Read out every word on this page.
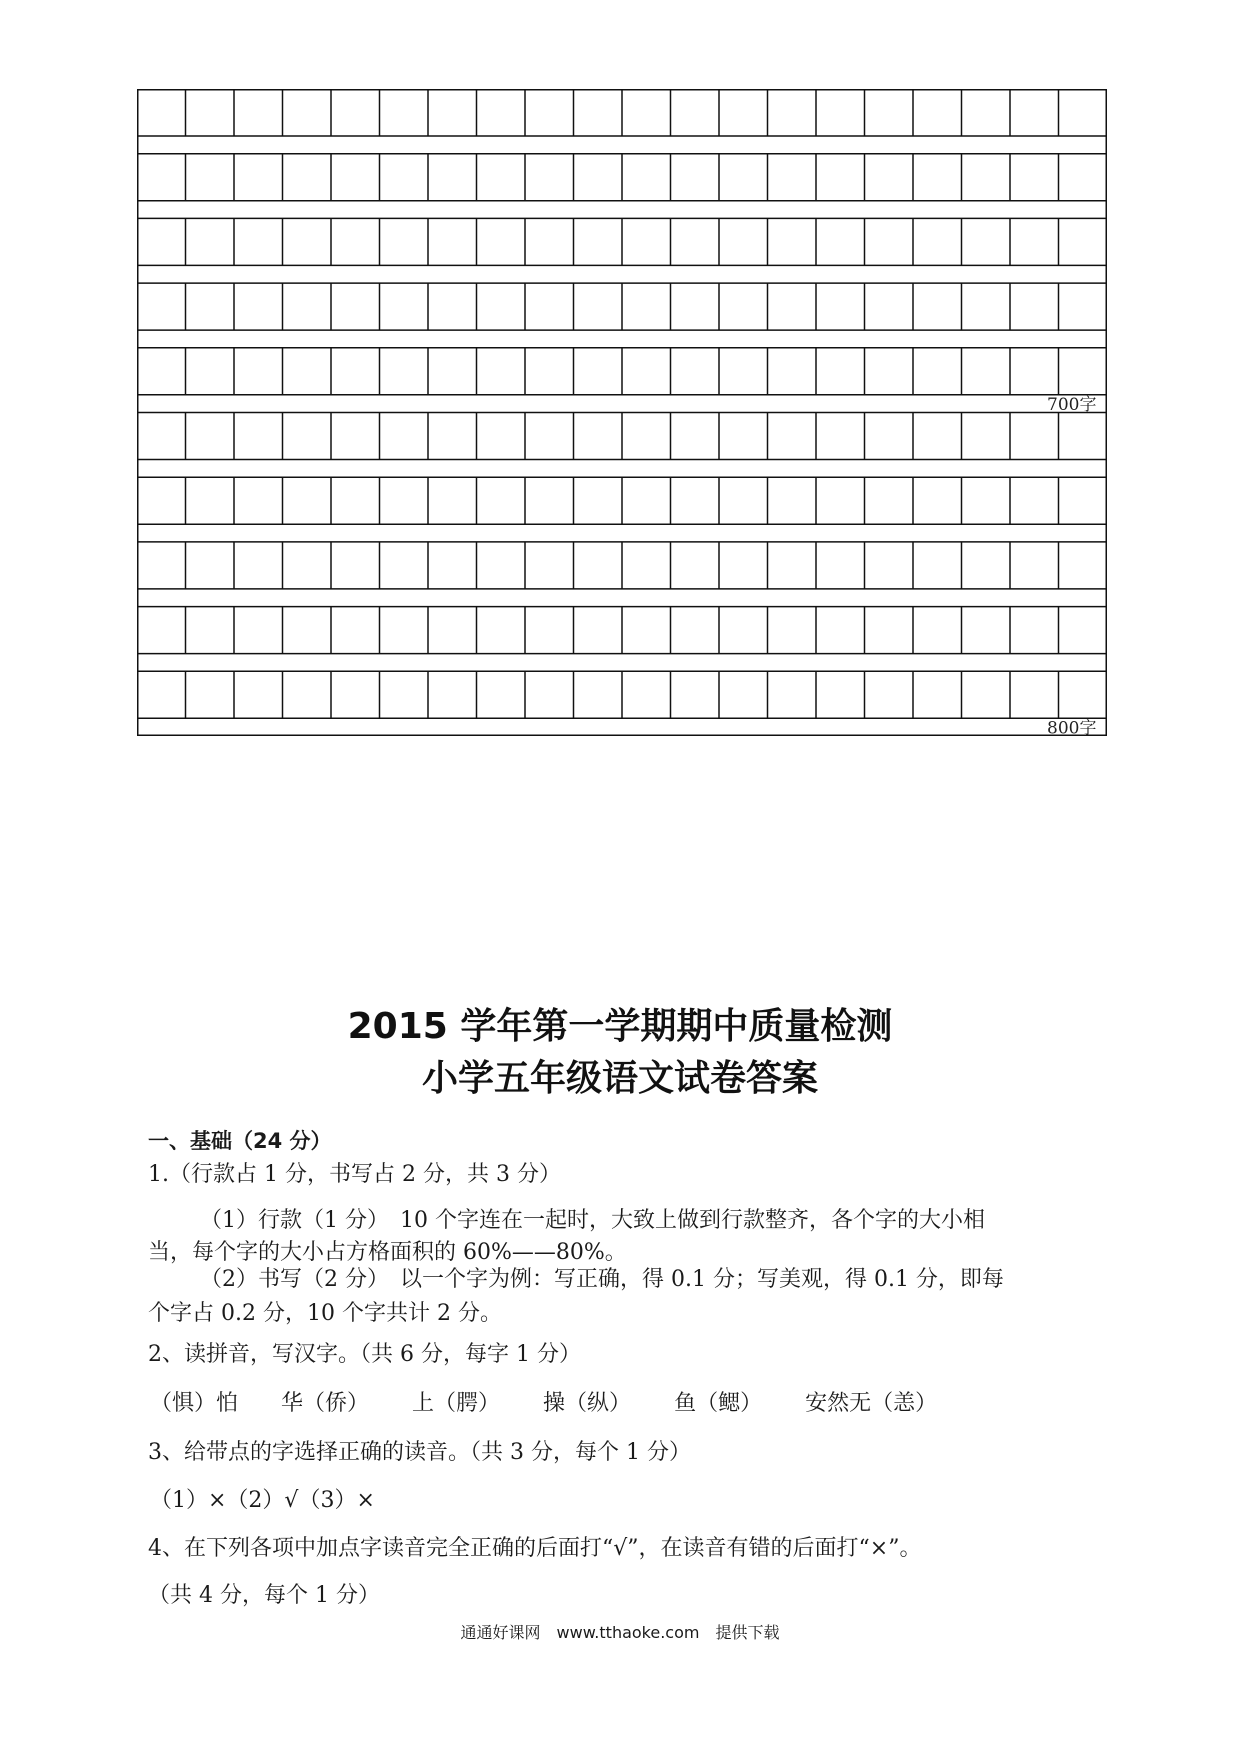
700字
800字
2015 学年第一学期期中质量检测
小学五年级语文试卷答案
一、基础（24 分）
1.（行款占 1 分，书写占 2 分，共 3 分）
（1）行款（1 分）　10 个字连在一起时，大致上做到行款整齐，各个字的大小相
当，每个字的大小占方格面积的 60%——80%。
（2）书写（2 分）　以一个字为例：写正确，得 0.1 分；写美观，得 0.1 分，即每
个字占 0.2 分，10 个字共计 2 分。
2、读拼音，写汉字。（共 6 分，每字 1 分）
（惧）怕 华（侨） 上（腭） 操（纵） 鱼（鳃） 安然无（恙）
3、给带点的字选择正确的读音。（共 3 分，每个 1 分）
（1）×（2）√（3）×
4、在下列各项中加点字读音完全正确的后面打“√”，在读音有错的后面打“×”。
（共 4 分，每个 1 分）
通通好课网　www.tthaoke.com　提供下载
